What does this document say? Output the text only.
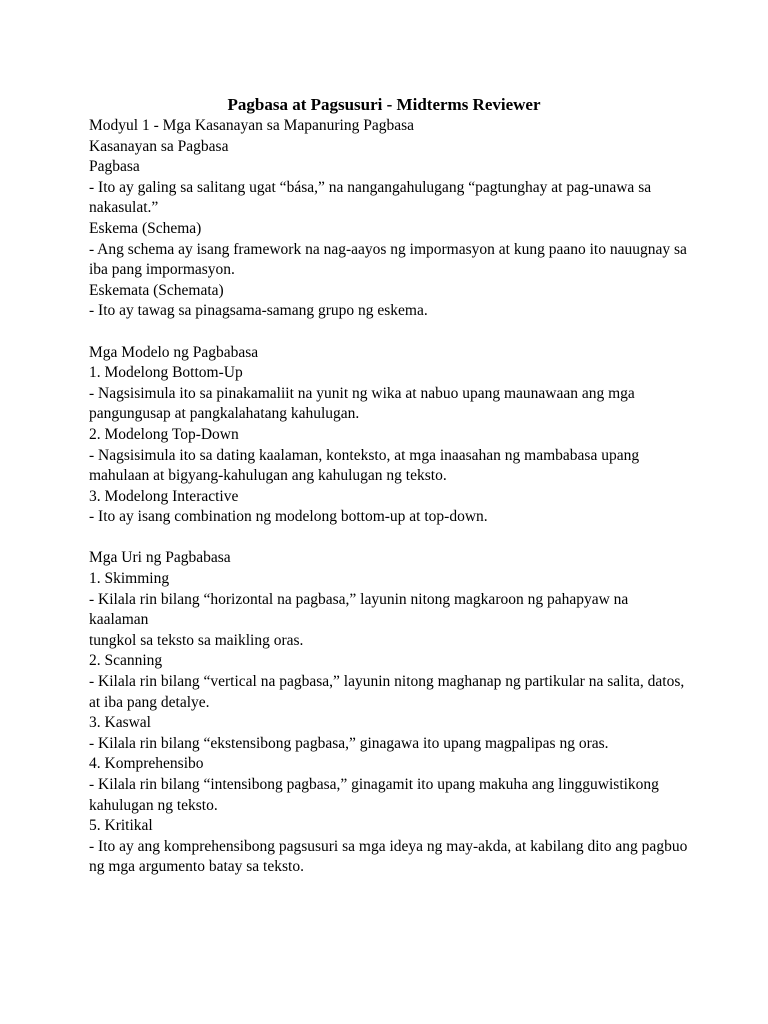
Pagbasa at Pagsusuri - Midterms Reviewer
Modyul 1 - Mga Kasanayan sa Mapanuring Pagbasa
Kasanayan sa Pagbasa
Pagbasa
- Ito ay galing sa salitang ugat “bása,” na nangangahulugang “pagtunghay at pag-unawa sa
nakasulat.”
Eskema (Schema)
- Ang schema ay isang framework na nag-aayos ng impormasyon at kung paano ito nauugnay sa
iba pang impormasyon.
Eskemata (Schemata)
- Ito ay tawag sa pinagsama-samang grupo ng eskema.
Mga Modelo ng Pagbabasa
1. Modelong Bottom-Up
- Nagsisimula ito sa pinakamaliit na yunit ng wika at nabuo upang maunawaan ang mga
pangungusap at pangkalahatang kahulugan.
2. Modelong Top-Down
- Nagsisimula ito sa dating kaalaman, konteksto, at mga inaasahan ng mambabasa upang
mahulaan at bigyang-kahulugan ang kahulugan ng teksto.
3. Modelong Interactive
- Ito ay isang combination ng modelong bottom-up at top-down.
Mga Uri ng Pagbabasa
1. Skimming
- Kilala rin bilang “horizontal na pagbasa,” layunin nitong magkaroon ng pahapyaw na kaalaman
tungkol sa teksto sa maikling oras.
2. Scanning
- Kilala rin bilang “vertical na pagbasa,” layunin nitong maghanap ng partikular na salita, datos,
at iba pang detalye.
3. Kaswal
- Kilala rin bilang “ekstensibong pagbasa,” ginagawa ito upang magpalipas ng oras.
4. Komprehensibo
- Kilala rin bilang “intensibong pagbasa,” ginagamit ito upang makuha ang lingguwistikong
kahulugan ng teksto.
5. Kritikal
- Ito ay ang komprehensibong pagsusuri sa mga ideya ng may-akda, at kabilang dito ang pagbuo
ng mga argumento batay sa teksto.
